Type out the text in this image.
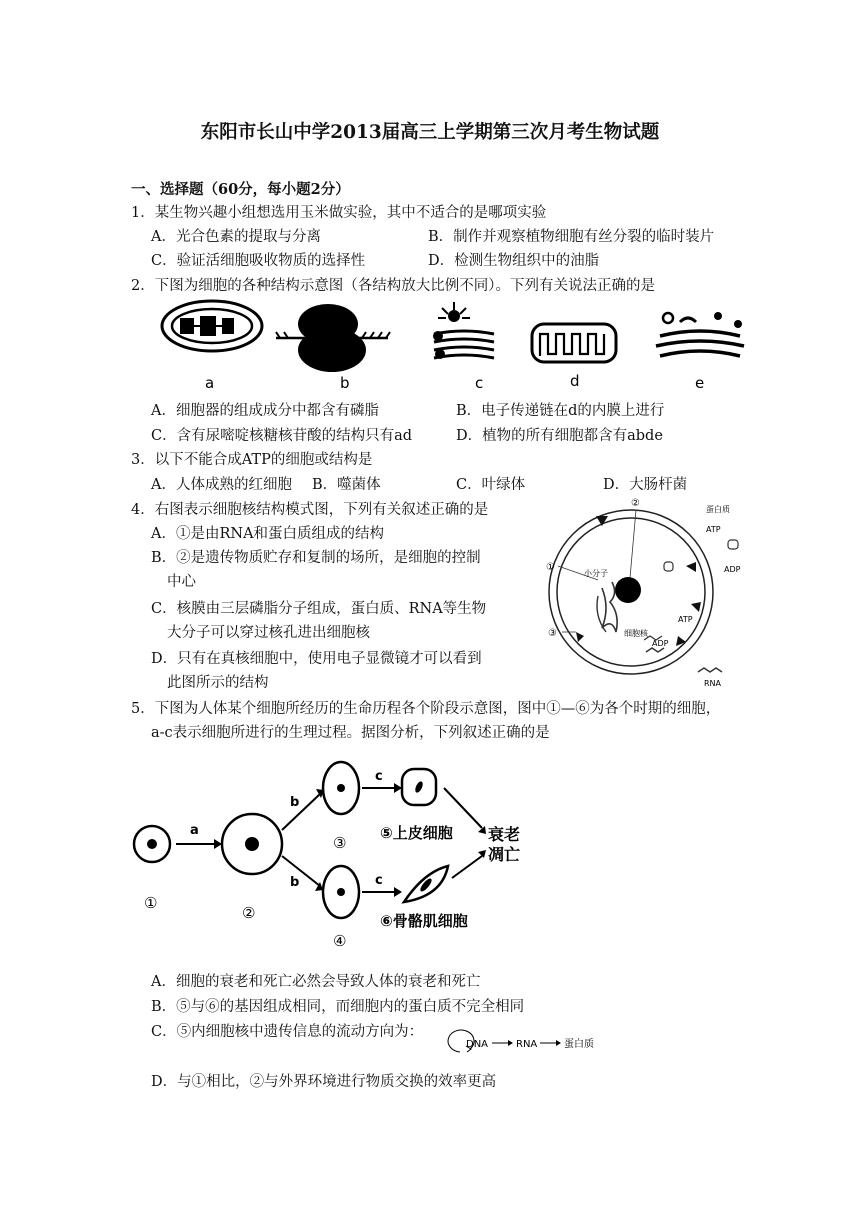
东阳市长山中学2013届高三上学期第三次月考生物试题
一、选择题（60分，每小题2分）
1．某生物兴趣小组想选用玉米做实验，其中不适合的是哪项实验
A．光合色素的提取与分离	B．制作并观察植物细胞有丝分裂的临时装片
C．验证活细胞吸收物质的选择性	D．检测生物组织中的油脂
2．下图为细胞的各种结构示意图（各结构放大比例不同）。下列有关说法正确的是
a	b	c	d	e
A．细胞器的组成成分中都含有磷脂	B．电子传递链在d的内膜上进行
C．含有尿嘧啶核糖核苷酸的结构只有ad	D．植物的所有细胞都含有abde
3．以下不能合成ATP的细胞或结构是
A．人体成熟的红细胞 B．噬菌体	C．叶绿体	D．大肠杆菌
4．右图表示细胞核结构模式图，下列有关叙述正确的是
A．①是由RNA和蛋白质组成的结构
B．②是遗传物质贮存和复制的场所，是细胞的控制
中心
C．核膜由三层磷脂分子组成，蛋白质、RNA等生物
大分子可以穿过核孔进出细胞核
D．只有在真核细胞中，使用电子显微镜才可以看到
此图所示的结构
①
②
③
蛋白质
ATP
ADP
小分子
细胞核
ATP
ADP
RNA
5．下图为人体某个细胞所经历的生命历程各个阶段示意图，图中①—⑥为各个时期的细胞，
a-c表示细胞所进行的生理过程。据图分析，下列叙述正确的是
a
b
b
c
c
①
②
③
④
⑤上皮细胞
⑥骨骼肌细胞
衰老
凋亡
A．细胞的衰老和死亡必然会导致人体的衰老和死亡
B．⑤与⑥的基因组成相同，而细胞内的蛋白质不完全相同
C．⑤内细胞核中遗传信息的流动方向为：
DNA	RNA	蛋白质
D．与①相比，②与外界环境进行物质交换的效率更高
